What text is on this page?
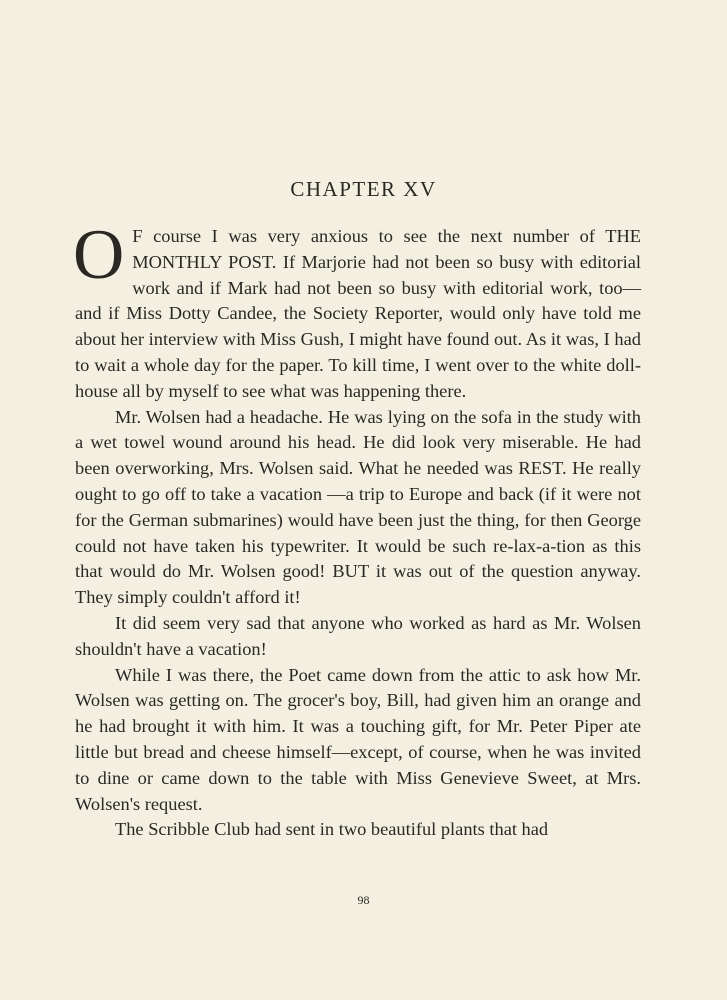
CHAPTER XV

O F course I was very anxious to see the next number of THE MONTHLY POST. If Marjorie had not been so busy with editorial work and if Mark had not been so busy with editorial work, too—and if Miss Dotty Candee, the Society Reporter, would only have told me about her interview with Miss Gush, I might have found out. As it was, I had to wait a whole day for the paper. To kill time, I went over to the white doll-house all by myself to see what was happening there.

Mr. Wolsen had a headache. He was lying on the sofa in the study with a wet towel wound around his head. He did look very miserable. He had been overworking, Mrs. Wolsen said. What he needed was REST. He really ought to go off to take a vacation —a trip to Europe and back (if it were not for the German submarines) would have been just the thing, for then George could not have taken his typewriter. It would be such re-lax-a-tion as this that would do Mr. Wolsen good! BUT it was out of the question anyway. They simply couldn't afford it!

It did seem very sad that anyone who worked as hard as Mr. Wolsen shouldn't have a vacation!

While I was there, the Poet came down from the attic to ask how Mr. Wolsen was getting on. The grocer's boy, Bill, had given him an orange and he had brought it with him. It was a touching gift, for Mr. Peter Piper ate little but bread and cheese himself—except, of course, when he was invited to dine or came down to the table with Miss Genevieve Sweet, at Mrs. Wolsen's request.

The Scribble Club had sent in two beautiful plants that had

98
